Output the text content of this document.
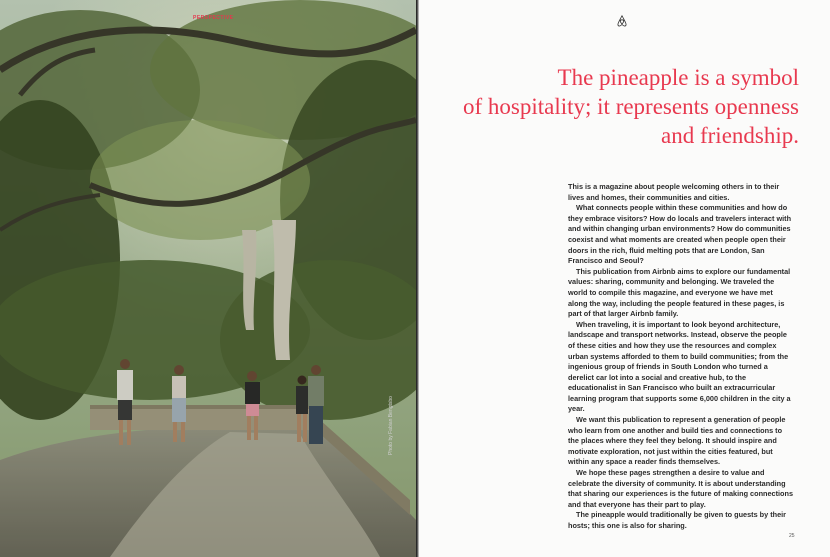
PERSPECTIVE
Photo by Fabian Bengtsbo
The pineapple is a symbol
of hospitality; it represents openness
and friendship.

This is a magazine about people welcoming others in to their lives and homes, their communities and cities.

What connects people within these communities and how do they embrace visitors? How do locals and travelers interact with and within changing urban environments? How do communities coexist and what moments are created when people open their doors in the rich, fluid melting pots that are London, San Francisco and Seoul?

This publication from Airbnb aims to explore our fundamental values: sharing, community and belonging. We traveled the world to compile this magazine, and everyone we have met along the way, including the people featured in these pages, is part of that larger Airbnb family.

When traveling, it is important to look beyond architecture, landscape and transport networks. Instead, observe the people of these cities and how they use the resources and complex urban systems afforded to them to build communities; from the ingenious group of friends in South London who turned a derelict car lot into a social and creative hub, to the educationalist in San Francisco who built an extracurricular learning program that supports some 6,000 children in the city a year.

We want this publication to represent a generation of people who learn from one another and build ties and connections to the places where they feel they belong. It should inspire and motivate exploration, not just within the cities featured, but within any space a reader finds themselves.

We hope these pages strengthen a desire to value and celebrate the diversity of community. It is about understanding that sharing our experiences is the future of making connections and that everyone has their part to play.

The pineapple would traditionally be given to guests by their hosts; this one is also for sharing.

25
